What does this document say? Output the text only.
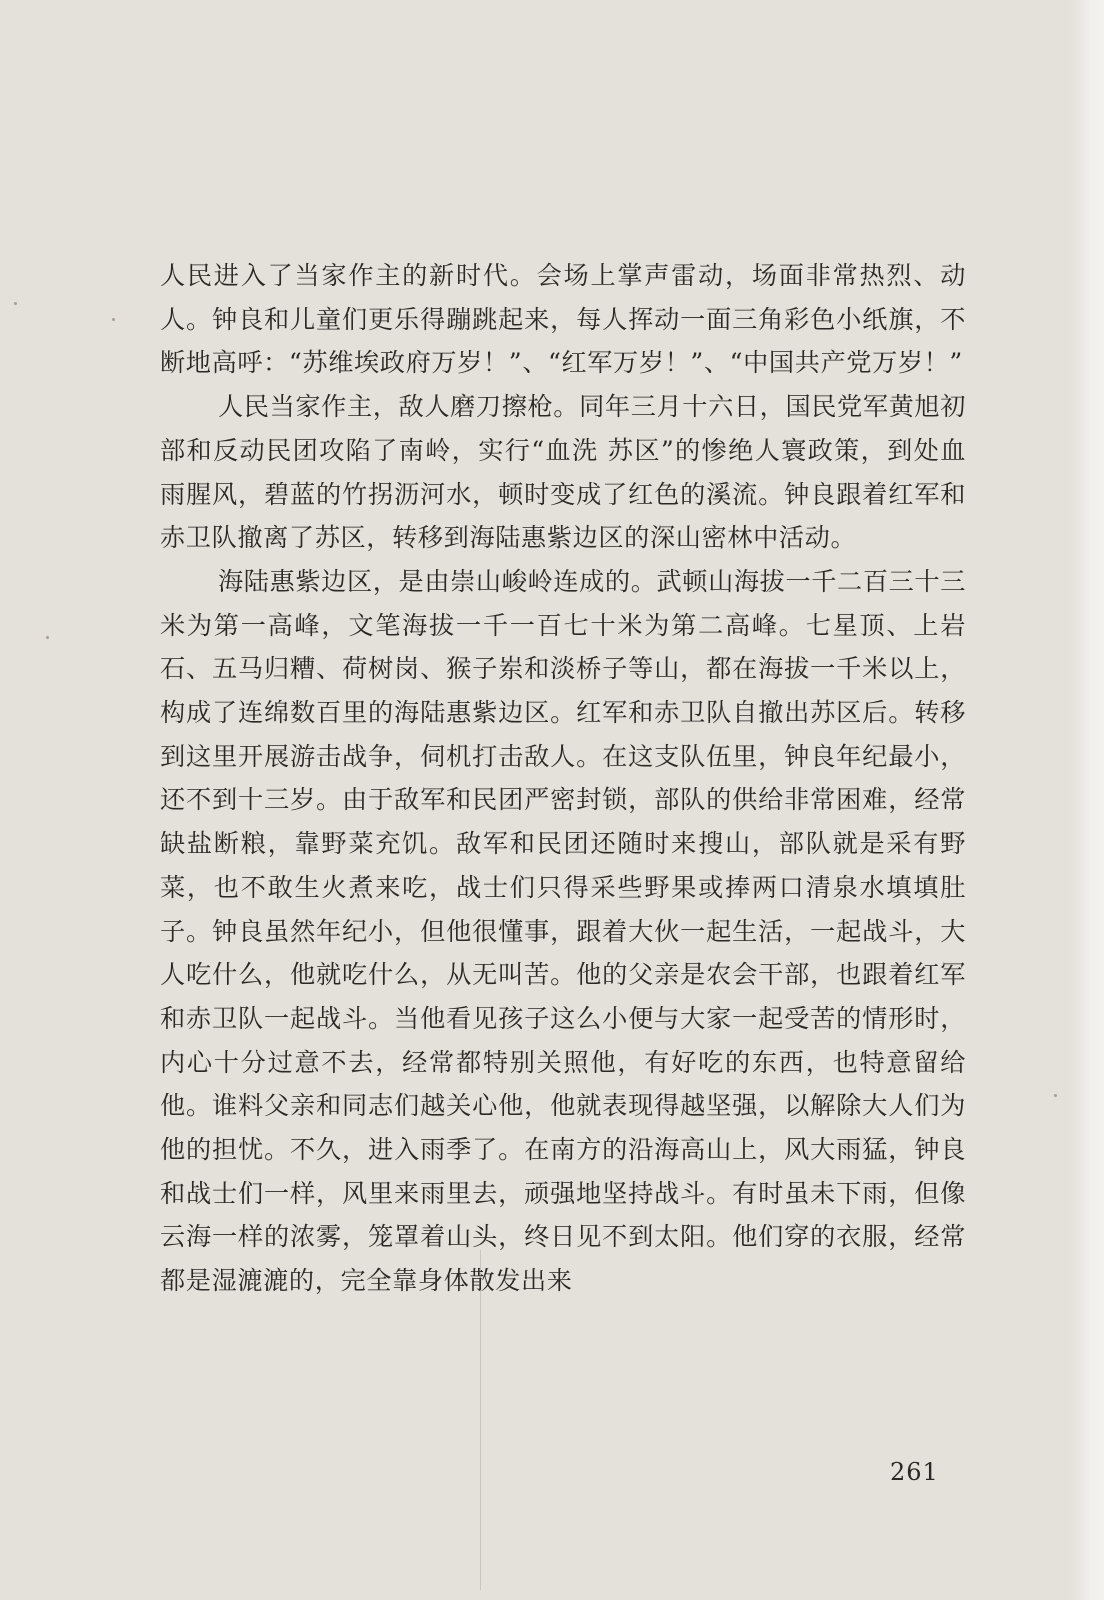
人民进入了当家作主的新时代。会场上掌声雷动，场面非常热烈、动人。钟良和儿童们更乐得蹦跳起来，每人挥动一面三角彩色小纸旗，不断地高呼：“苏维埃政府万岁！”、“红军万岁！”、“中国共产党万岁！”

人民当家作主，敌人磨刀擦枪。同年三月十六日，国民党军黄旭初部和反动民团攻陷了南岭，实行“血洗 苏区”的惨绝人寰政策，到处血雨腥风，碧蓝的竹拐沥河水，顿时变成了红色的溪流。钟良跟着红军和赤卫队撤离了苏区，转移到海陆惠紫边区的深山密林中活动。

海陆惠紫边区，是由崇山峻岭连成的。武顿山海拔一千二百三十三米为第一高峰，文笔海拔一千一百七十米为第二高峰。七星顶、上岩石、五马归糟、荷树岗、猴子岽和淡桥子等山，都在海拔一千米以上，构成了连绵数百里的海陆惠紫边区。红军和赤卫队自撤出苏区后。转移到这里开展游击战争，伺机打击敌人。在这支队伍里，钟良年纪最小，还不到十三岁。由于敌军和民团严密封锁，部队的供给非常困难，经常缺盐断粮，靠野菜充饥。敌军和民团还随时来搜山，部队就是采有野菜，也不敢生火煮来吃，战士们只得采些野果或捧两口清泉水填填肚子。钟良虽然年纪小，但他很懂事，跟着大伙一起生活，一起战斗，大人吃什么，他就吃什么，从无叫苦。他的父亲是农会干部，也跟着红军和赤卫队一起战斗。当他看见孩子这么小便与大家一起受苦的情形时，内心十分过意不去，经常都特别关照他，有好吃的东西，也特意留给他。谁料父亲和同志们越关心他，他就表现得越坚强，以解除大人们为他的担忧。不久，进入雨季了。在南方的沿海高山上，风大雨猛，钟良和战士们一样，风里来雨里去，顽强地坚持战斗。有时虽未下雨，但像云海一样的浓雾，笼罩着山头，终日见不到太阳。他们穿的衣服，经常都是湿漉漉的，完全靠身体散发出来

261
